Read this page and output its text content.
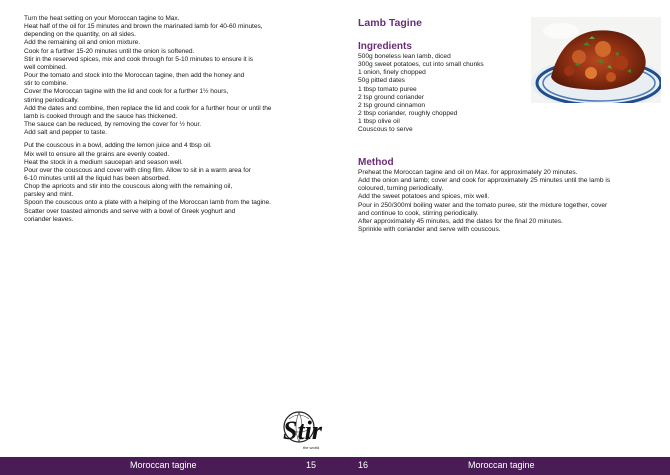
Turn the heat setting on your Moroccan tagine to Max.
Heat half of the oil for 15 minutes and brown the marinated lamb for 40-60 minutes,
depending on the quantity, on all sides.
Add the remaining oil and onion mixture.
Cook for a further 15-20 minutes until the onion is softened.
Stir in the reserved spices, mix and cook through for 5-10 minutes to ensure it is
well combined.
Pour the tomato and stock into the Moroccan tagine, then add the honey and
stir to combine.
Cover the Moroccan tagine with the lid and cook for a further 1½ hours,
stirring periodically.
Add the dates and combine, then replace the lid and cook for a further hour or until the
lamb is cooked through and the sauce has thickened.
The sauce can be reduced, by removing the cover for ½ hour.
Add salt and pepper to taste.
Put the couscous in a bowl, adding the lemon juice and 4 tbsp oil.
Mix well to ensure all the grains are evenly coated.
Heat the stock in a medium saucepan and season well.
Pour over the couscous and cover with cling film. Allow to sit in a warm area for
6-10 minutes until all the liquid has been absorbed.
Chop the apricots and stir into the couscous along with the remaining oil,
parsley and mint.
Spoon the couscous onto a plate with a helping of the Moroccan lamb from the tagine.
Scatter over toasted almonds and serve with a bowl of Greek yoghurt and
coriander leaves.
Lamb Tagine
Ingredients
500g boneless lean lamb, diced
300g sweet potatoes, cut into small chunks
1 onion, finely chopped
50g pitted dates
1 tbsp tomato puree
2 tsp ground coriander
2 tsp ground cinnamon
2 tbsp coriander, roughly chopped
1 tbsp olive oil
Couscous to serve
Method
Preheat the Moroccan tagine and oil on Max. for approximately 20 minutes.
Add the onion and lamb; cover and cook for approximately 25 minutes until the lamb is
coloured, turning periodically.
Add the sweet potatoes and spices, mix well.
Pour in 250/300ml boiling water and the tomato puree, stir the mixture together, cover
and continue to cook, stirring periodically.
After approximately 45 minutes, add the dates for the final 20 minutes.
Sprinkle with coriander and serve with couscous.
Stir
the world
Moroccan tagine	15	16	Moroccan tagine
